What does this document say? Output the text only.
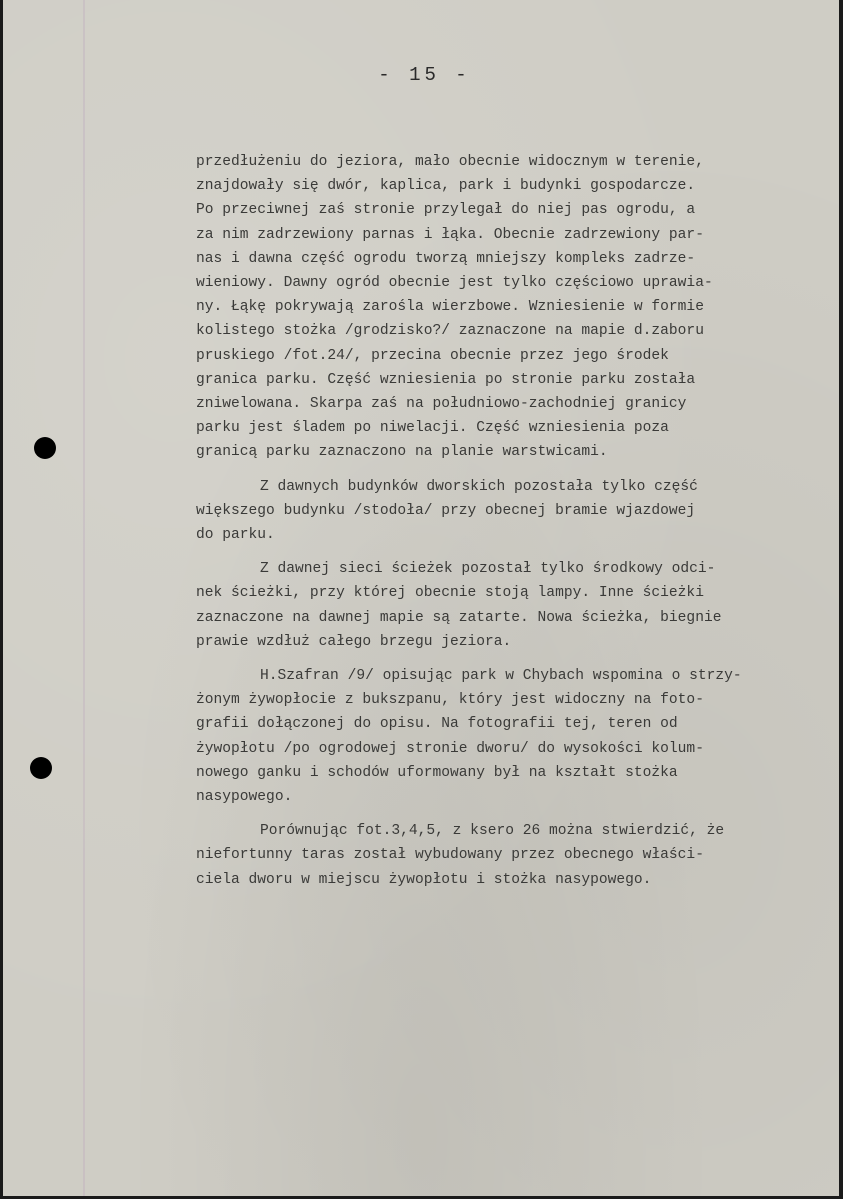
- 15 -
przedłużeniu do jeziora, mało obecnie widocznym w terenie,
znajdowały się dwór, kaplica, park i budynki gospodarcze.
Po przeciwnej zaś stronie przylegał do niej pas ogrodu, a
za nim zadrzewiony parnas i łąka. Obecnie zadrzewiony par-
nas i dawna część ogrodu tworzą mniejszy kompleks zadrze-
wieniowy. Dawny ogród obecnie jest tylko częściowo uprawia-
ny. Łąkę pokrywają zarośla wierzbowe. Wzniesienie w formie
kolistego stożka /grodzisko?/ zaznaczone na mapie d.zaboru
pruskiego /fot.24/, przecina obecnie przez jego środek
granica parku. Część wzniesienia po stronie parku została
zniwelowana. Skarpa zaś na południowo-zachodniej granicy
parku jest śladem po niwelacji. Część wzniesienia poza
granicą parku zaznaczono na planie warstwicami.
Z dawnych budynków dworskich pozostała tylko część
większego budynku /stodoła/ przy obecnej bramie wjazdowej
do parku.
Z dawnej sieci ścieżek pozostał tylko środkowy odci-
nek ścieżki, przy której obecnie stoją lampy. Inne ścieżki
zaznaczone na dawnej mapie są zatarte. Nowa ścieżka, biegnie
prawie wzdłuż całego brzegu jeziora.
H.Szafran /9/ opisując park w Chybach wspomina o strzy-
żonym żywopłocie z bukszpanu, który jest widoczny na foto-
grafii dołączonej do opisu. Na fotografii tej, teren od
żywopłotu /po ogrodowej stronie dworu/ do wysokości kolum-
nowego ganku i schodów uformowany był na kształt stożka
nasypowego.
Porównując fot.3,4,5, z ksero 26 można stwierdzić, że
niefortunny taras został wybudowany przez obecnego właści-
ciela dworu w miejscu żywopłotu i stożka nasypowego.
